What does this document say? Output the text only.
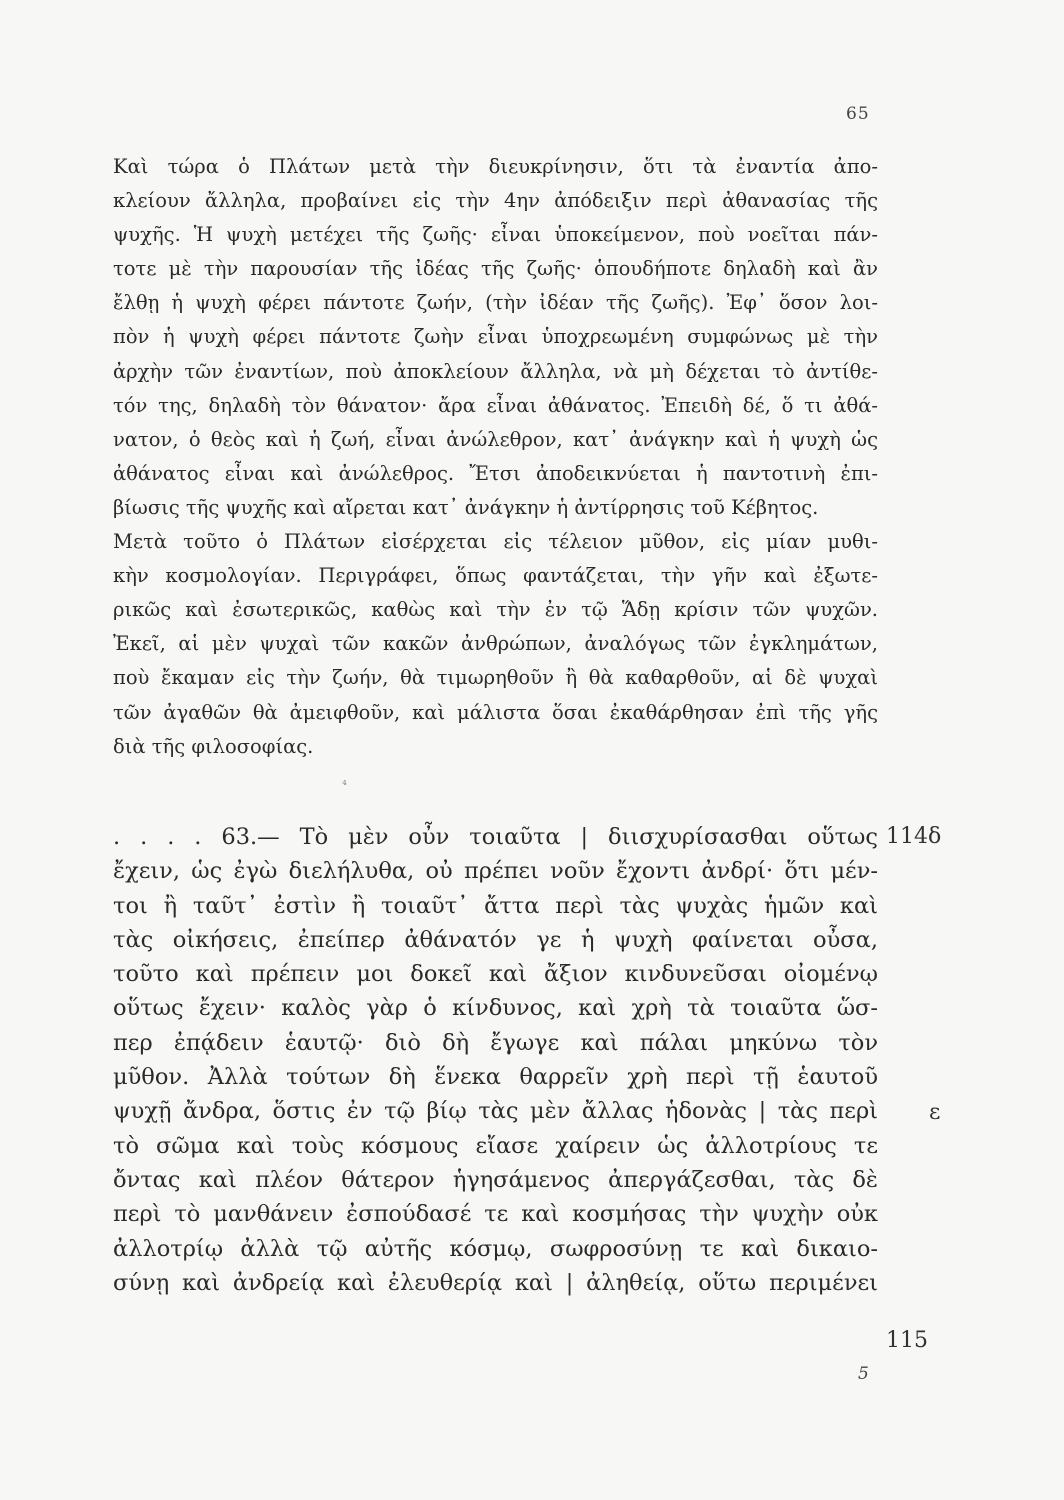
65
Καὶ τώρα ὁ Πλάτων μετὰ τὴν διευκρίνησιν, ὅτι τὰ ἐναντία ἀπο-
κλείουν ἄλληλα, προβαίνει εἰς τὴν 4ην ἀπόδειξιν περὶ ἀθανασίας τῆς
ψυχῆς. Ἡ ψυχὴ μετέχει τῆς ζωῆς· εἶναι ὑποκείμενον, ποὺ νοεῖται πάν-
τοτε μὲ τὴν παρουσίαν τῆς ἰδέας τῆς ζωῆς· ὁπουδήποτε δηλαδὴ καὶ ἂν
ἔλθῃ ἡ ψυχὴ φέρει πάντοτε ζωήν, (τὴν ἰδέαν τῆς ζωῆς). Ἐφ᾽ ὅσον λοι-
πὸν ἡ ψυχὴ φέρει πάντοτε ζωὴν εἶναι ὑποχρεωμένη συμφώνως μὲ τὴν
ἀρχὴν τῶν ἐναντίων, ποὺ ἀποκλείουν ἄλληλα, νὰ μὴ δέχεται τὸ ἀντίθε-
τόν της, δηλαδὴ τὸν θάνατον· ἄρα εἶναι ἀθάνατος. Ἐπειδὴ δέ, ὅ τι ἀθά-
νατον, ὁ θεὸς καὶ ἡ ζωή, εἶναι ἀνώλεθρον, κατ᾽ ἀνάγκην καὶ ἡ ψυχὴ ὡς
ἀθάνατος εἶναι καὶ ἀνώλεθρος. Ἔτσι ἀποδεικνύεται ἡ παντοτινὴ ἐπι-
βίωσις τῆς ψυχῆς καὶ αἴρεται κατ᾽ ἀνάγκην ἡ ἀντίρρησις τοῦ Κέβητος.
Μετὰ τοῦτο ὁ Πλάτων εἰσέρχεται εἰς τέλειον μῦθον, εἰς μίαν μυθι-
κὴν κοσμολογίαν. Περιγράφει, ὅπως φαντάζεται, τὴν γῆν καὶ ἐξωτε-
ρικῶς καὶ ἐσωτερικῶς, καθὼς καὶ τὴν ἐν τῷ Ἅδῃ κρίσιν τῶν ψυχῶν.
Ἐκεῖ, αἱ μὲν ψυχαὶ τῶν κακῶν ἀνθρώπων, ἀναλόγως τῶν ἐγκλημάτων,
ποὺ ἔκαμαν εἰς τὴν ζωήν, θὰ τιμωρηθοῦν ἢ θὰ καθαρθοῦν, αἱ δὲ ψυχαὶ
τῶν ἀγαθῶν θὰ ἀμειφθοῦν, καὶ μάλιστα ὅσαι ἐκαθάρθησαν ἐπὶ τῆς γῆς
διὰ τῆς φιλοσοφίας.
⁴
. . . . 63.— Τὸ μὲν οὖν τοιαῦτα | διισχυρίσασθαι οὕτως
ἔχειν, ὡς ἐγὼ διελήλυθα, οὐ πρέπει νοῦν ἔχοντι ἀνδρί· ὅτι μέν-
τοι ἢ ταῦτ᾽ ἐστὶν ἢ τοιαῦτ᾽ ἄττα περὶ τὰς ψυχὰς ἡμῶν καὶ
τὰς οἰκήσεις, ἐπείπερ ἀθάνατόν γε ἡ ψυχὴ φαίνεται οὖσα,
τοῦτο καὶ πρέπειν μοι δοκεῖ καὶ ἄξιον κινδυνεῦσαι οἰομένῳ
οὕτως ἔχειν· καλὸς γὰρ ὁ κίνδυνος, καὶ χρὴ τὰ τοιαῦτα ὥσ-
περ ἐπᾴδειν ἑαυτῷ· διὸ δὴ ἔγωγε καὶ πάλαι μηκύνω τὸν
μῦθον. Ἀλλὰ τούτων δὴ ἕνεκα θαρρεῖν χρὴ περὶ τῇ ἑαυτοῦ
ψυχῇ ἄνδρα, ὅστις ἐν τῷ βίῳ τὰς μὲν ἄλλας ἡδονὰς | τὰς περὶ
τὸ σῶμα καὶ τοὺς κόσμους εἴασε χαίρειν ὡς ἀλλοτρίους τε
ὄντας καὶ πλέον θάτερον ἡγησάμενος ἀπεργάζεσθαι, τὰς δὲ
περὶ τὸ μανθάνειν ἐσπούδασέ τε καὶ κοσμήσας τὴν ψυχὴν οὐκ
ἀλλοτρίῳ ἀλλὰ τῷ αὐτῆς κόσμῳ, σωφροσύνῃ τε καὶ δικαιο-
σύνῃ καὶ ἀνδρείᾳ καὶ ἐλευθερίᾳ καὶ | ἀληθείᾳ, οὕτω περιμένει
114δ
ε
115
5
